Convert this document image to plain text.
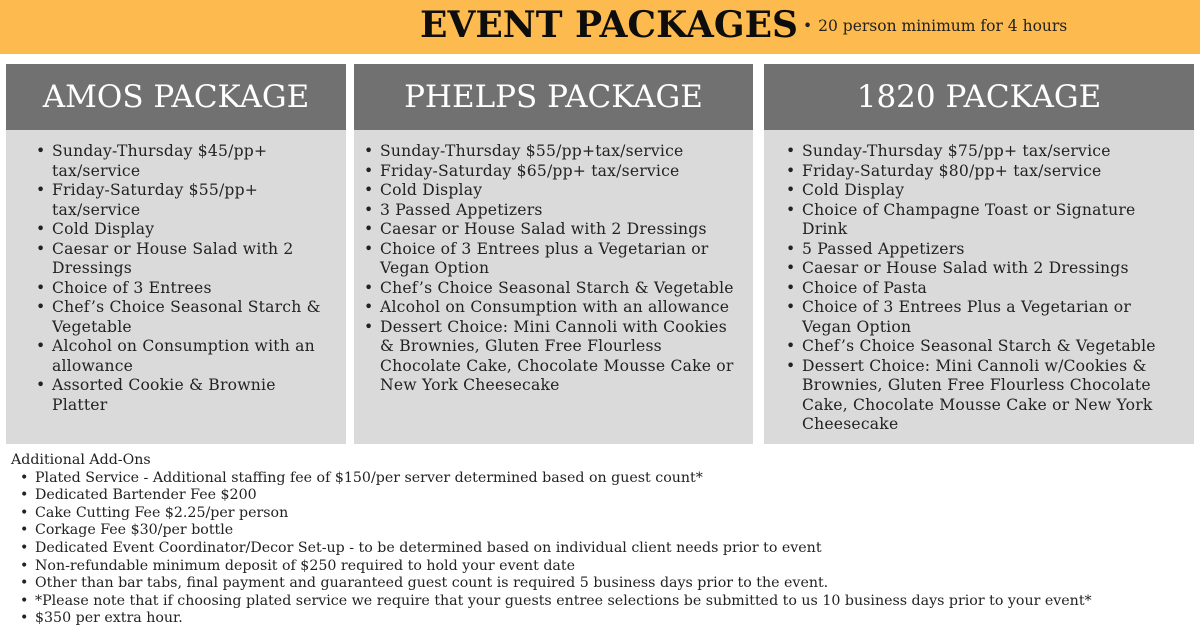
EVENT PACKAGES • 20 person minimum for 4 hours
AMOS PACKAGE
• Sunday-Thursday $45/pp+ tax/service
• Friday-Saturday $55/pp+ tax/service
• Cold Display
• Caesar or House Salad with 2 Dressings
• Choice of 3 Entrees
• Chef’s Choice Seasonal Starch & Vegetable
• Alcohol on Consumption with an allowance
• Assorted Cookie & Brownie Platter
PHELPS PACKAGE
• Sunday-Thursday $55/pp+tax/service
• Friday-Saturday $65/pp+ tax/service
• Cold Display
• 3 Passed Appetizers
• Caesar or House Salad with 2 Dressings
• Choice of 3 Entrees plus a Vegetarian or Vegan Option
• Chef’s Choice Seasonal Starch & Vegetable
• Alcohol on Consumption with an allowance
• Dessert Choice: Mini Cannoli with Cookies & Brownies, Gluten Free Flourless Chocolate Cake, Chocolate Mousse Cake or New York Cheesecake
1820 PACKAGE
• Sunday-Thursday $75/pp+ tax/service
• Friday-Saturday $80/pp+ tax/service
• Cold Display
• Choice of Champagne Toast or Signature Drink
• 5 Passed Appetizers
• Caesar or House Salad with 2 Dressings
• Choice of Pasta
• Choice of 3 Entrees Plus a Vegetarian or Vegan Option
• Chef’s Choice Seasonal Starch & Vegetable
• Dessert Choice: Mini Cannoli w/Cookies & Brownies, Gluten Free Flourless Chocolate Cake, Chocolate Mousse Cake or New York Cheesecake
Additional Add-Ons
• Plated Service - Additional staffing fee of $150/per server determined based on guest count*
• Dedicated Bartender Fee $200
• Cake Cutting Fee $2.25/per person
• Corkage Fee $30/per bottle
• Dedicated Event Coordinator/Decor Set-up - to be determined based on individual client needs prior to event
• Non-refundable minimum deposit of $250 required to hold your event date
• Other than bar tabs, final payment and guaranteed guest count is required 5 business days prior to the event.
• *Please note that if choosing plated service we require that your guests entree selections be submitted to us 10 business days prior to your event*
• $350 per extra hour.
